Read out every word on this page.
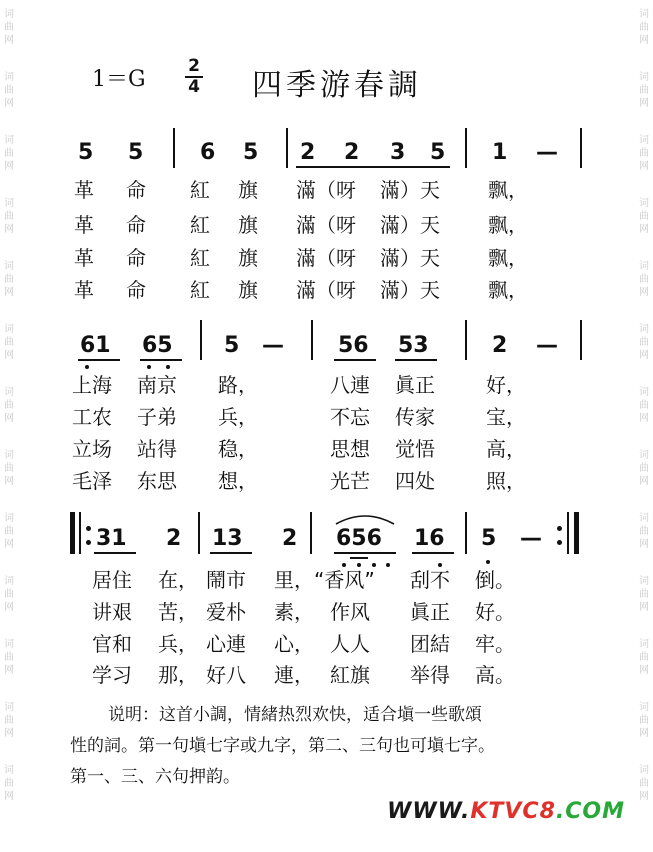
词曲网
词曲网
词曲网
词曲网
词曲网
词曲网
词曲网
词曲网
词曲网
词曲网
词曲网
词曲网
词曲网
词曲网
词曲网
词曲网
词曲网
词曲网
词曲网
词曲网
词曲网
词曲网
词曲网
词曲网
词曲网
词曲网
1＝G
2
4 四季游春調
5 5	6 5 2 2 3 5 1 —
革 命 紅 旗 滿（呀 滿）天 飘，
革 命 紅 旗 滿（呀 滿）天 飘，
革 命 紅 旗 滿（呀 滿）天 飘，
革 命 紅 旗 滿（呀 滿）天 飘，
61 65 5 — 56 53	2 —
上海 南京 路，	八連 眞正	好，
工农 子弟 兵，	不忘 传家	宝，
立场 站得 稳，	思想 觉悟	高，
毛泽 东思 想，	光芒 四处	照，
31 2 13 2 656 16 5 —
居住 在， 鬧市 里， “香风” 刮不 倒。
讲艰 苦， 爱朴 素， 作风 眞正 好。
官和 兵， 心連 心， 人人 团結 牢。
学习 那， 好八 連， 紅旗 举得 高。
说明：这首小調，情緒热烈欢快，适合塡一些歌頌
性的詞。第一句塡七字或九字，第二、三句也可塡七字。
第一、三、六句押韵。
WWW.KTVC8.COM
